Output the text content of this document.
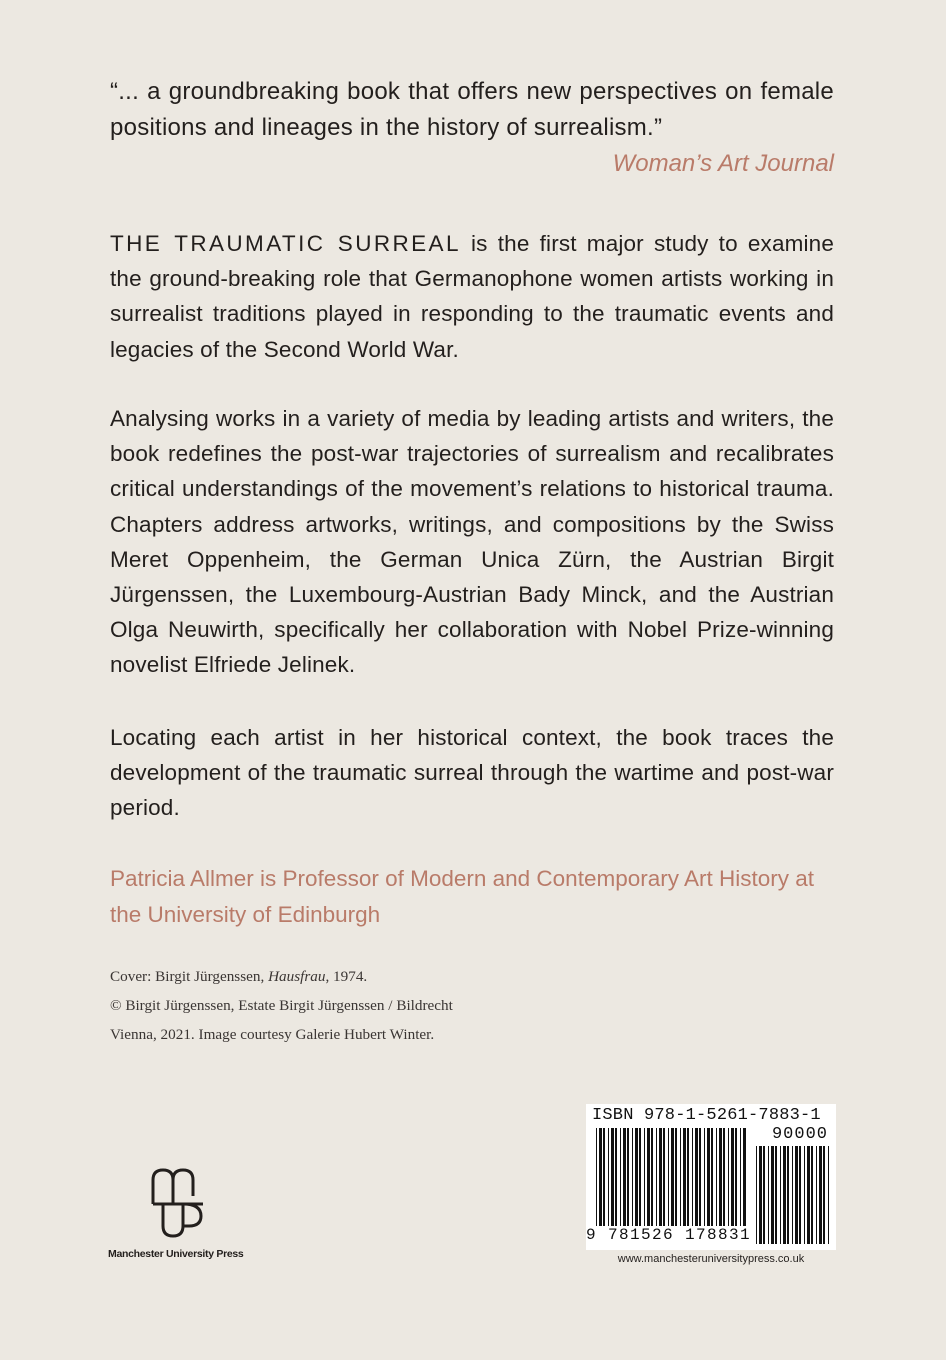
“... a groundbreaking book that offers new perspectives on female positions and lineages in the history of surrealism.”
Woman’s Art Journal
THE TRAUMATIC SURREAL is the first major study to examine the ground-breaking role that Germanophone women artists working in surrealist traditions played in responding to the traumatic events and legacies of the Second World War.
Analysing works in a variety of media by leading artists and writers, the book redefines the post-war trajectories of surrealism and recalibrates critical understandings of the movement’s relations to historical trauma. Chapters address artworks, writings, and compositions by the Swiss Meret Oppenheim, the German Unica Zürn, the Austrian Birgit Jürgenssen, the Luxembourg-Austrian Bady Minck, and the Austrian Olga Neuwirth, specifically her collaboration with Nobel Prize-winning novelist Elfriede Jelinek.
Locating each artist in her historical context, the book traces the development of the traumatic surreal through the wartime and post-war period.
Patricia Allmer is Professor of Modern and Contemporary Art History at the University of Edinburgh
Cover: Birgit Jürgenssen, Hausfrau, 1974.
© Birgit Jürgenssen, Estate Birgit Jürgenssen / Bildrecht
Vienna, 2021. Image courtesy Galerie Hubert Winter.
Manchester University Press
ISBN 978-1-5261-7883-1
90000
9 781526 178831
www.manchesteruniversitypress.co.uk
